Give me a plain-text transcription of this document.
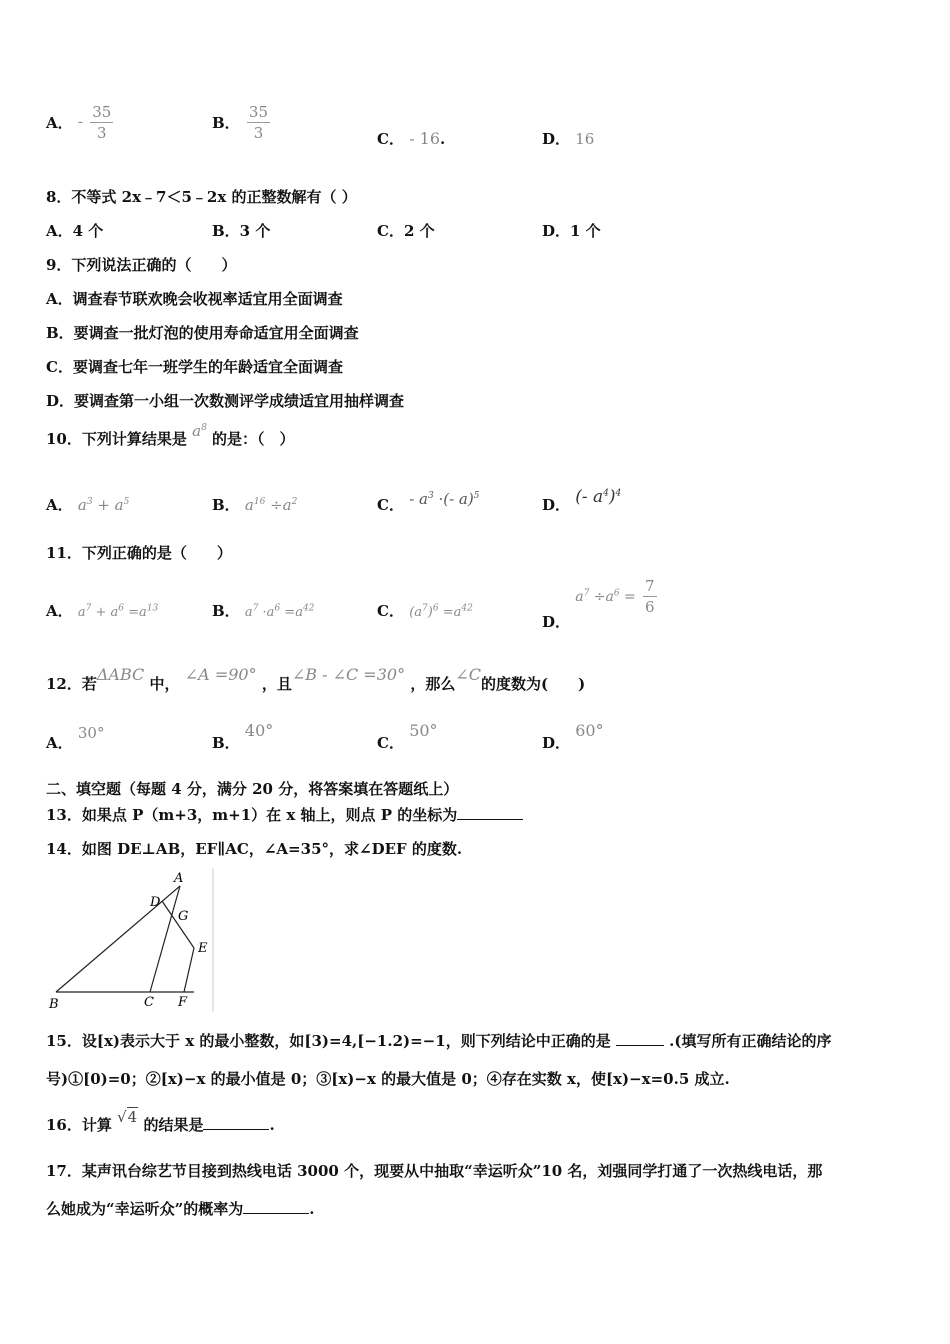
A． - $\frac{35}{3}$	B． $\frac{35}{3}$	C． - 16.	D． 16
8．不等式 2x﹣7＜5﹣2x 的正整数解有（ ）
A．4 个	B．3 个	C．2 个	D．1 个
9．下列说法正确的（　　）
A．调查春节联欢晚会收视率适宜用全面调查
B．要调查一批灯泡的使用寿命适宜用全面调查
C．要调查七年一班学生的年龄适宜全面调查
D．要调查第一小组一次数测评学成绩适宜用抽样调查
10．下列计算结果是 $a^8$ 的是：（　）
A． $a^3 + a^5$	B． $a^{16} \div a^2$	C． - $a^3$ ·(- a)$^5$	D． (- $a^4)^4$
11．下列正确的是（　　）
A． $a^7 + a^6 =a^{13}$	B． $a^7 \cdot a^6 =a^{42}$	C． $(a^7)^6 =a^{42}$
D． $a^7 \div a^6 = \frac{7}{6}$
12．若ΔABC 中， ∠A =90° ，且∠B - ∠C =30° ，那么∠C的度数为(　　)
A． 30°
B． 40°
C． 50°
D． 60°
二、填空题（每题 4 分，满分 20 分，将答案填在答题纸上）
13．如果点 P（m+3，m+1）在 x 轴上，则点 P 的坐标为
14．如图 DE⊥AB，EF∥AC，∠A=35°，求∠DEF 的度数.
A
D
G
E
B	C F
15．设[x)表示大于 x 的最小整数，如[3)=4,[−1.2)=−1，则下列结论中正确的是	.(填写所有正确结论的序
号)①[0)=0；②[x)−x 的最小值是 0；③[x)−x 的最大值是 0；④存在实数 x，使[x)−x=0.5 成立.
16．计算 √4 的结果是	.
17．某声讯台综艺节目接到热线电话 3000 个，现要从中抽取“幸运听众”10 名，刘强同学打通了一次热线电话，那
么她成为“幸运听众”的概率为	.
